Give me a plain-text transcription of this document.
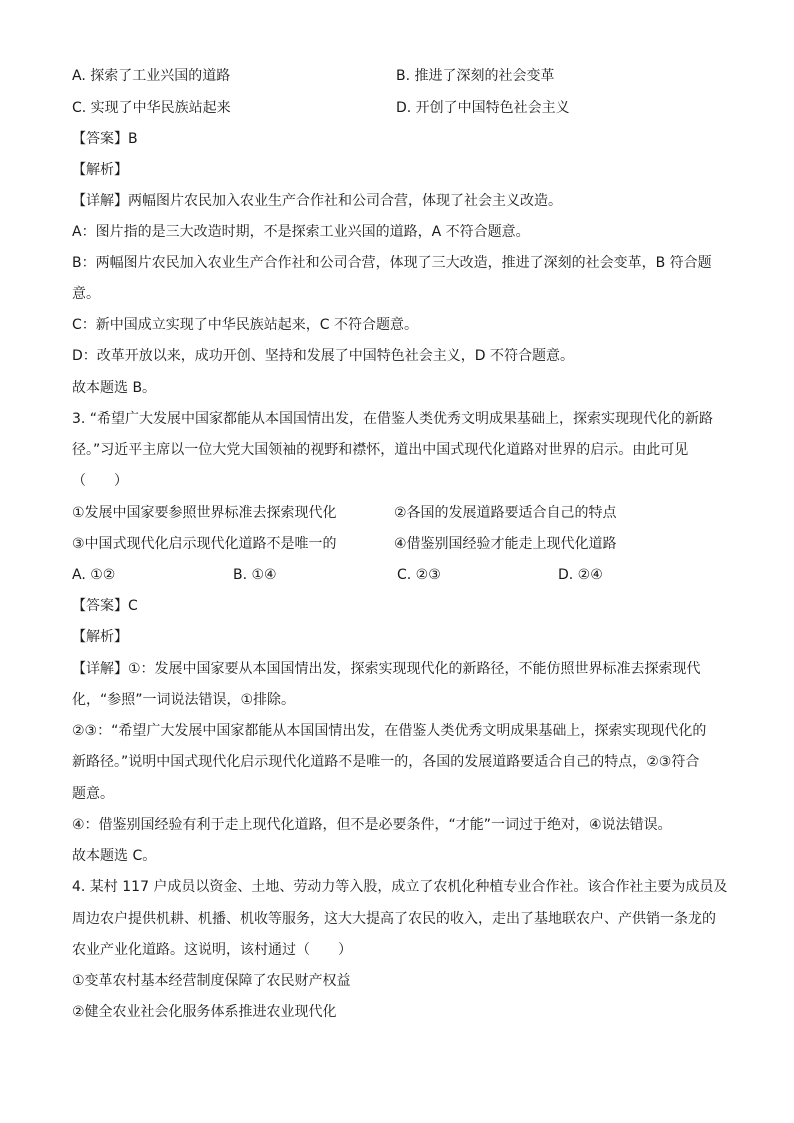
A. 探索了工业兴国的道路	B. 推进了深刻的社会变革
C. 实现了中华民族站起来	D. 开创了中国特色社会主义
【答案】B
【解析】
【详解】两幅图片农民加入农业生产合作社和公司合营，体现了社会主义改造。
A：图片指的是三大改造时期，不是探索工业兴国的道路，A 不符合题意。
B：两幅图片农民加入农业生产合作社和公司合营，体现了三大改造，推进了深刻的社会变革，B 符合题
意。
C：新中国成立实现了中华民族站起来，C 不符合题意。
D：改革开放以来，成功开创、坚持和发展了中国特色社会主义，D 不符合题意。
故本题选 B。
3. “希望广大发展中国家都能从本国国情出发，在借鉴人类优秀文明成果基础上，探索实现现代化的新路
径。”习近平主席以一位大党大国领袖的视野和襟怀，道出中国式现代化道路对世界的启示。由此可见
（　　）
①发展中国家要参照世界标准去探索现代化	②各国的发展道路要适合自己的特点
③中国式现代化启示现代化道路不是唯一的	④借鉴别国经验才能走上现代化道路
A. ①②	B. ①④	C. ②③	D. ②④
【答案】C
【解析】
【详解】①：发展中国家要从本国国情出发，探索实现现代化的新路径，不能仿照世界标准去探索现代
化，“参照”一词说法错误，①排除。
②③：“希望广大发展中国家都能从本国国情出发，在借鉴人类优秀文明成果基础上，探索实现现代化的
新路径。”说明中国式现代化启示现代化道路不是唯一的，各国的发展道路要适合自己的特点，②③符合
题意。
④：借鉴别国经验有利于走上现代化道路，但不是必要条件，“才能”一词过于绝对，④说法错误。
故本题选 C。
4. 某村 117 户成员以资金、土地、劳动力等入股，成立了农机化种植专业合作社。该合作社主要为成员及
周边农户提供机耕、机播、机收等服务，这大大提高了农民的收入，走出了基地联农户、产供销一条龙的
农业产业化道路。这说明，该村通过（　　）
①变革农村基本经营制度保障了农民财产权益
②健全农业社会化服务体系推进农业现代化
